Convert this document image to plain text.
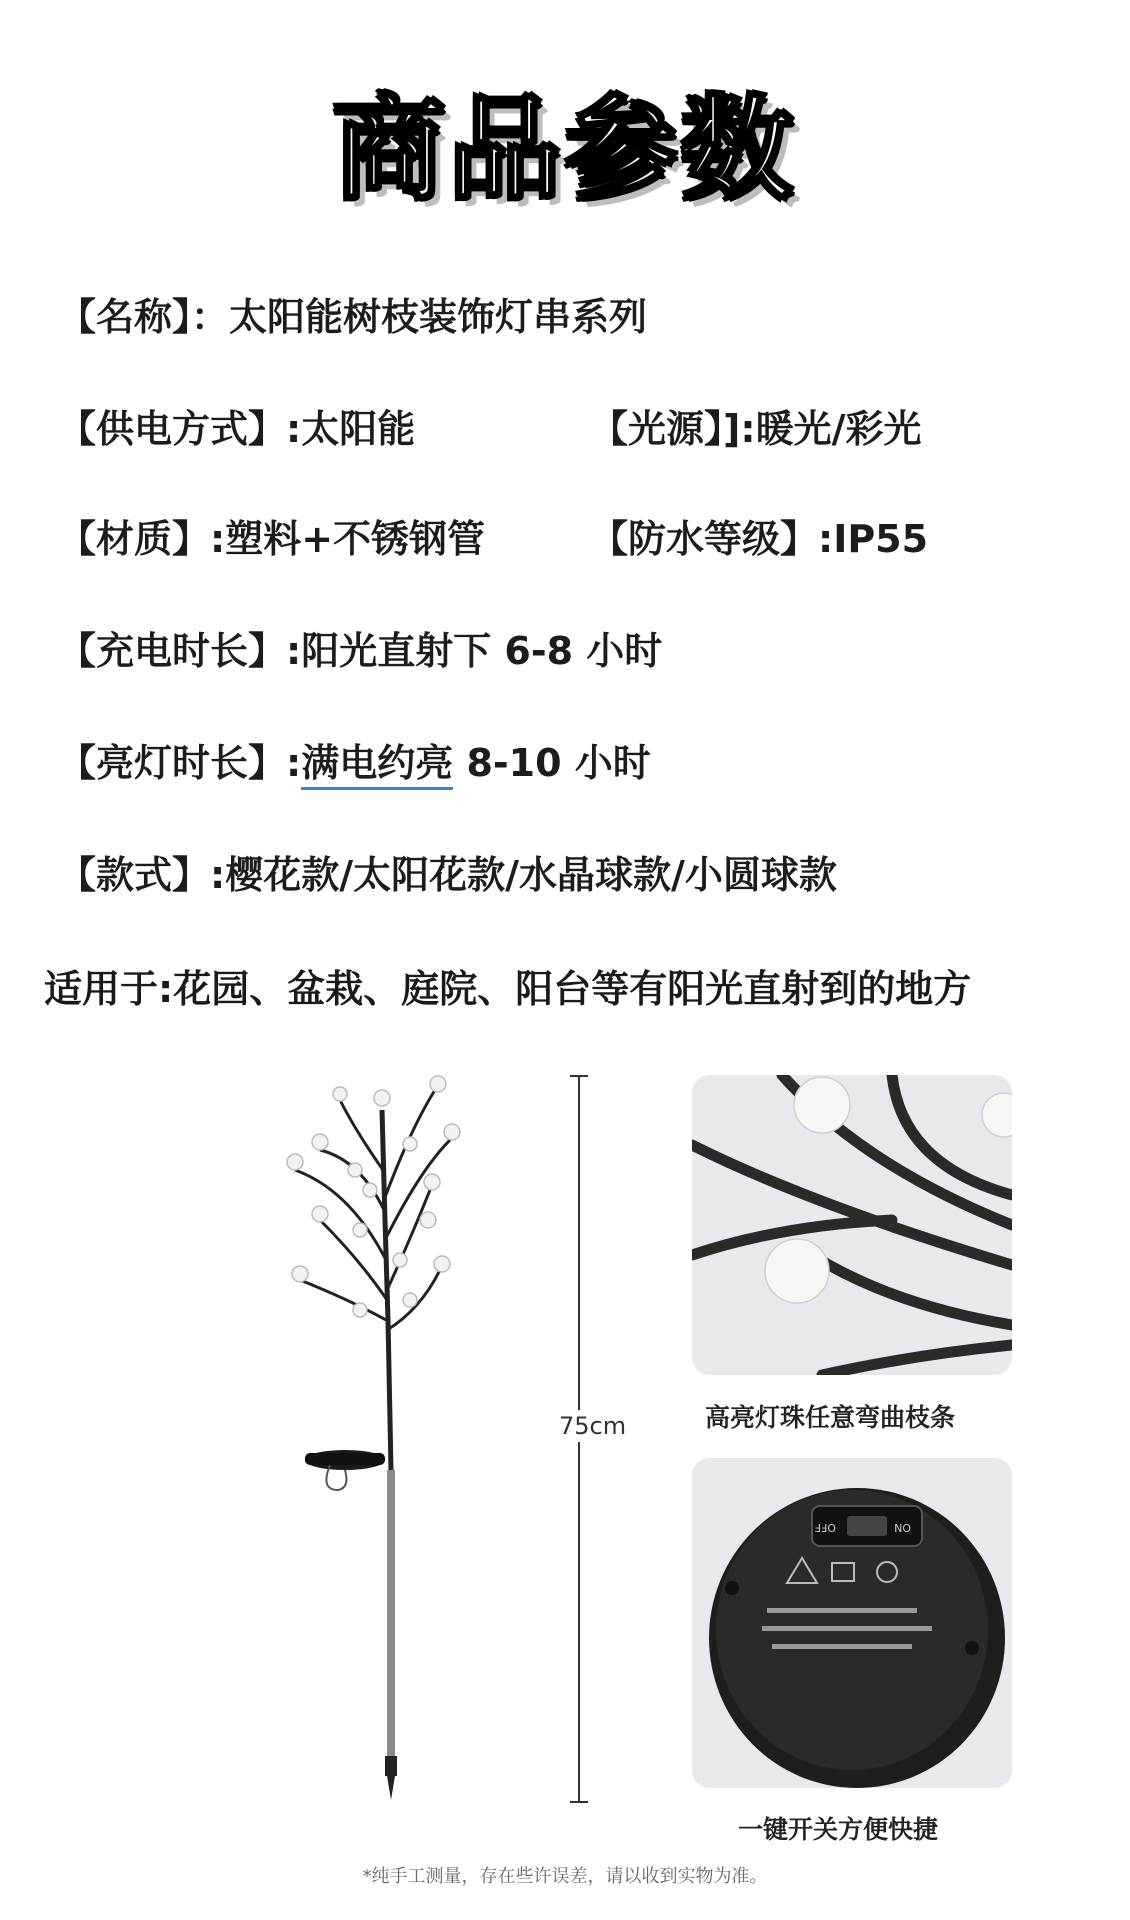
商品参数
【名称】：太阳能树枝装饰灯串系列
【供电方式】:太阳能	【光源】]:暖光/彩光
【材质】:塑料+不锈钢管	【防水等级】:IP55
【充电时长】:阳光直射下 6-8 小时
【亮灯时长】:满电约亮 8-10 小时
【款式】:樱花款/太阳花款/水晶球款/小圆球款
适用于:花园、盆栽、庭院、阳台等有阳光直射到的地方
75cm	高亮灯珠任意弯曲枝条
OFF	ON
一键开关方便快捷
*纯手工测量，存在些许误差，请以收到实物为准。
